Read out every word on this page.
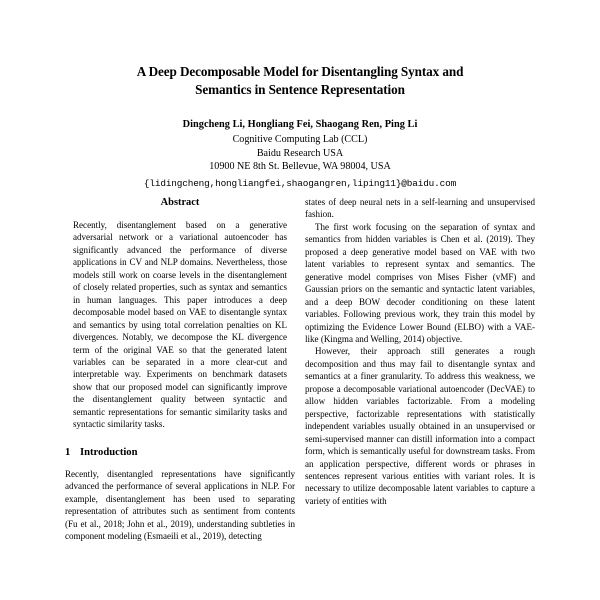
A Deep Decomposable Model for Disentangling Syntax and
Semantics in Sentence Representation
Dingcheng Li, Hongliang Fei, Shaogang Ren, Ping Li
Cognitive Computing Lab (CCL)
Baidu Research USA
10900 NE 8th St. Bellevue, WA 98004, USA
{lidingcheng,hongliangfei,shaogangren,liping11}@baidu.com
Abstract

Recently, disentanglement based on a generative adversarial network or a variational autoencoder has significantly advanced the performance of diverse applications in CV and NLP domains. Nevertheless, those models still work on coarse levels in the disentanglement of closely related properties, such as syntax and semantics in human languages. This paper introduces a deep decomposable model based on VAE to disentangle syntax and semantics by using total correlation penalties on KL divergences. Notably, we decompose the KL divergence term of the original VAE so that the generated latent variables can be separated in a more clear-cut and interpretable way. Experiments on benchmark datasets show that our proposed model can significantly improve the disentanglement quality between syntactic and semantic representations for semantic similarity tasks and syntactic similarity tasks.

1 Introduction

Recently, disentangled representations have significantly advanced the performance of several applications in NLP. For example, disentanglement has been used to separating representation of attributes such as sentiment from contents (Fu et al., 2018; John et al., 2019), understanding subtleties in component modeling (Esmaeili et al., 2019), detecting

states of deep neural nets in a self-learning and unsupervised fashion.

The first work focusing on the separation of syntax and semantics from hidden variables is Chen et al. (2019). They proposed a deep generative model based on VAE with two latent variables to represent syntax and semantics. The generative model comprises von Mises Fisher (vMF) and Gaussian priors on the semantic and syntactic latent variables, and a deep BOW decoder conditioning on these latent variables. Following previous work, they train this model by optimizing the Evidence Lower Bound (ELBO) with a VAE-like (Kingma and Welling, 2014) objective.

However, their approach still generates a rough decomposition and thus may fail to disentangle syntax and semantics at a finer granularity. To address this weakness, we propose a decomposable variational autoencoder (DecVAE) to allow hidden variables factorizable. From a modeling perspective, factorizable representations with statistically independent variables usually obtained in an unsupervised or semi-supervised manner can distill information into a compact form, which is semantically useful for downstream tasks. From an application perspective, different words or phrases in sentences represent various entities with variant roles. It is necessary to utilize decomposable latent variables to capture a variety of entities with
